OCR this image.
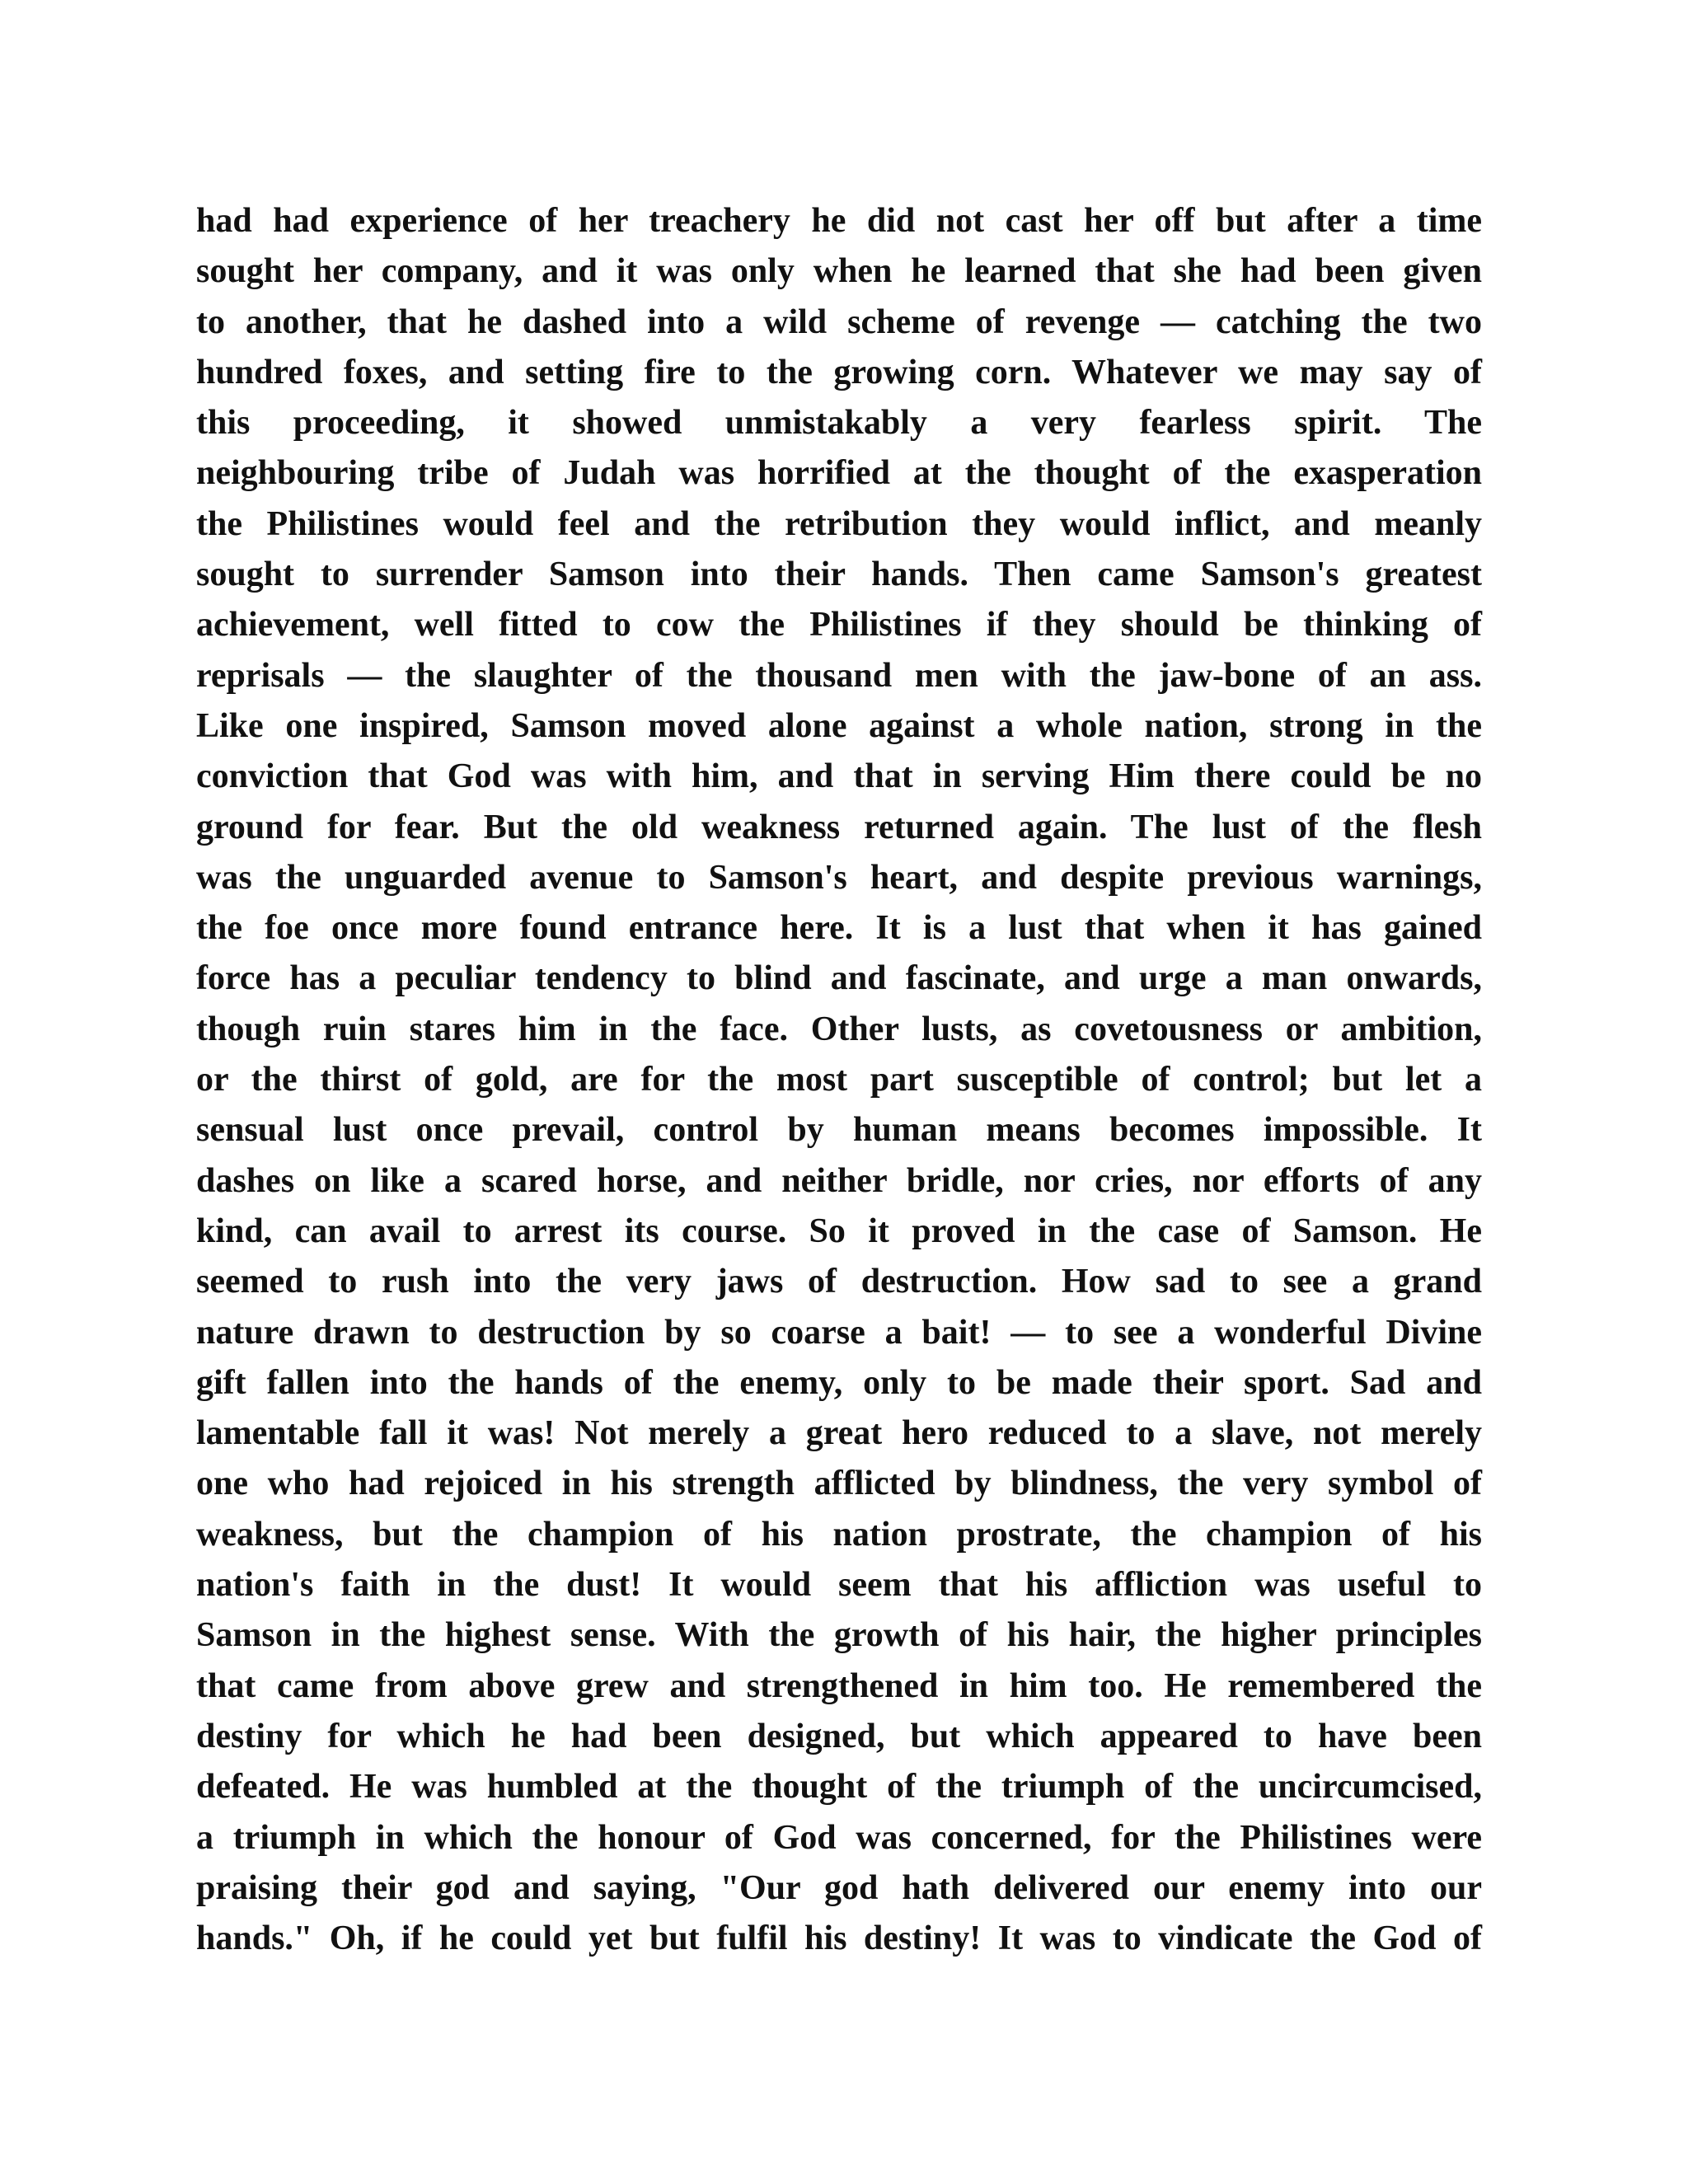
had had experience of her treachery he did not cast her off but after a time
sought her company, and it was only when he learned that she had been given
to another, that he dashed into a wild scheme of revenge — catching the two
hundred foxes, and setting fire to the growing corn. Whatever we may say of
this proceeding, it showed unmistakably a very fearless spirit. The
neighbouring tribe of Judah was horrified at the thought of the exasperation
the Philistines would feel and the retribution they would inflict, and meanly
sought to surrender Samson into their hands. Then came Samson's greatest
achievement, well fitted to cow the Philistines if they should be thinking of
reprisals — the slaughter of the thousand men with the jaw-bone of an ass.
Like one inspired, Samson moved alone against a whole nation, strong in the
conviction that God was with him, and that in serving Him there could be no
ground for fear. But the old weakness returned again. The lust of the flesh
was the unguarded avenue to Samson's heart, and despite previous warnings,
the foe once more found entrance here. It is a lust that when it has gained
force has a peculiar tendency to blind and fascinate, and urge a man onwards,
though ruin stares him in the face. Other lusts, as covetousness or ambition,
or the thirst of gold, are for the most part susceptible of control; but let a
sensual lust once prevail, control by human means becomes impossible. It
dashes on like a scared horse, and neither bridle, nor cries, nor efforts of any
kind, can avail to arrest its course. So it proved in the case of Samson. He
seemed to rush into the very jaws of destruction. How sad to see a grand
nature drawn to destruction by so coarse a bait! — to see a wonderful Divine
gift fallen into the hands of the enemy, only to be made their sport. Sad and
lamentable fall it was! Not merely a great hero reduced to a slave, not merely
one who had rejoiced in his strength afflicted by blindness, the very symbol of
weakness, but the champion of his nation prostrate, the champion of his
nation's faith in the dust! It would seem that his affliction was useful to
Samson in the highest sense. With the growth of his hair, the higher principles
that came from above grew and strengthened in him too. He remembered the
destiny for which he had been designed, but which appeared to have been
defeated. He was humbled at the thought of the triumph of the uncircumcised,
a triumph in which the honour of God was concerned, for the Philistines were
praising their god and saying, "Our god hath delivered our enemy into our
hands." Oh, if he could yet but fulfil his destiny! It was to vindicate the God of
